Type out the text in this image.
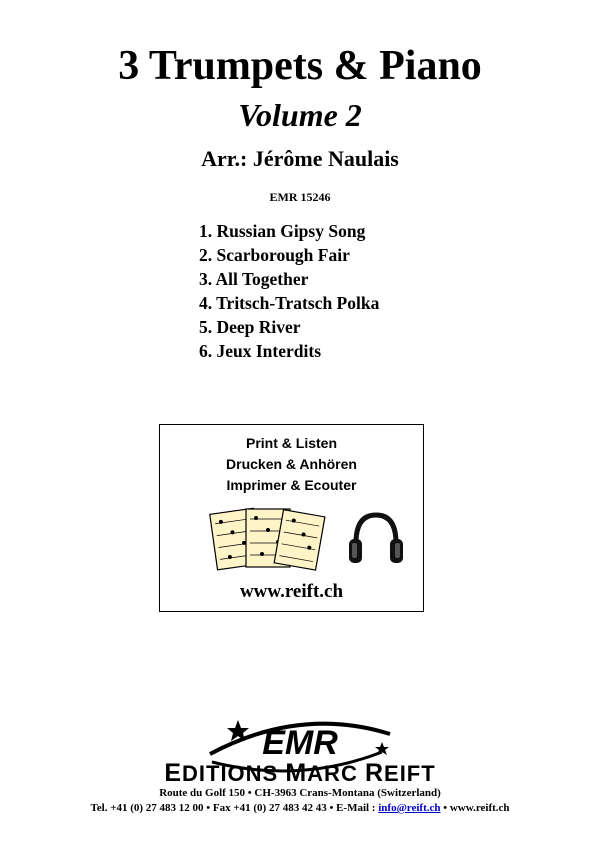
3 Trumpets & Piano
Volume 2
Arr.: Jérôme Naulais
EMR 15246
1. Russian Gipsy Song
2. Scarborough Fair
3. All Together
4. Tritsch-Tratsch Polka
5. Deep River
6. Jeux Interdits
Print & Listen
Drucken & Anhören
Imprimer & Ecouter
www.reift.ch
EMR
EDITIONS MARC REIFT
Route du Golf 150 • CH-3963 Crans-Montana (Switzerland)
Tel. +41 (0) 27 483 12 00 • Fax +41 (0) 27 483 42 43 • E-Mail : info@reift.ch • www.reift.ch
